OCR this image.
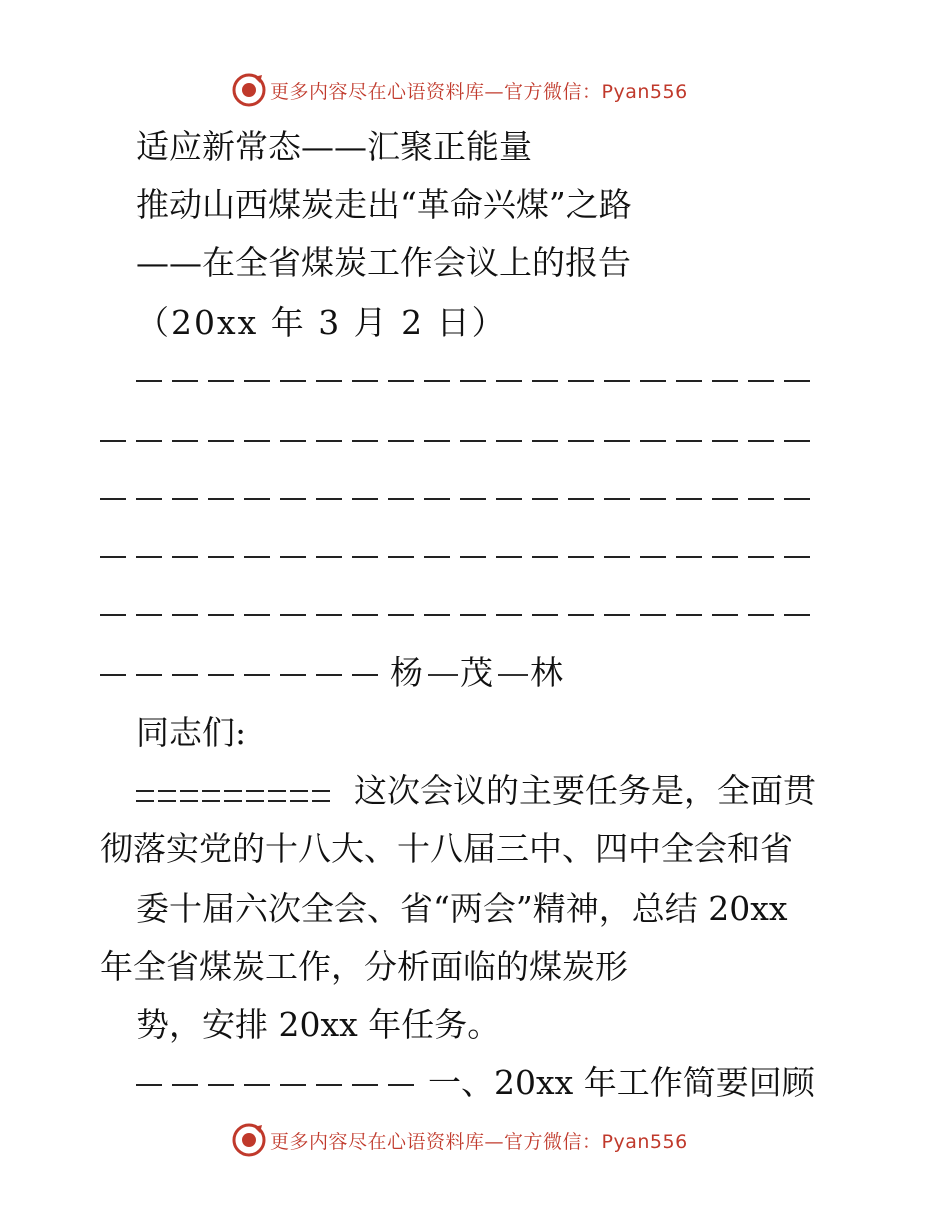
更多内容尽在心语资料库—官方微信：Pyan556
适应新常态——汇聚正能量
推动山西煤炭走出“革命兴煤”之路
——在全省煤炭工作会议上的报告
（20xx 年 3 月 2 日）
杨 茂 林
同志们:
这次会议的主要任务是，全面贯
彻落实党的十八大、十八届三中、四中全会和省
委十届六次全会、省“两会”精神，总结 20xx
年全省煤炭工作，分析面临的煤炭形
势，安排 20xx 年任务。
一、20xx 年工作简要回顾
更多内容尽在心语资料库—官方微信：Pyan556
